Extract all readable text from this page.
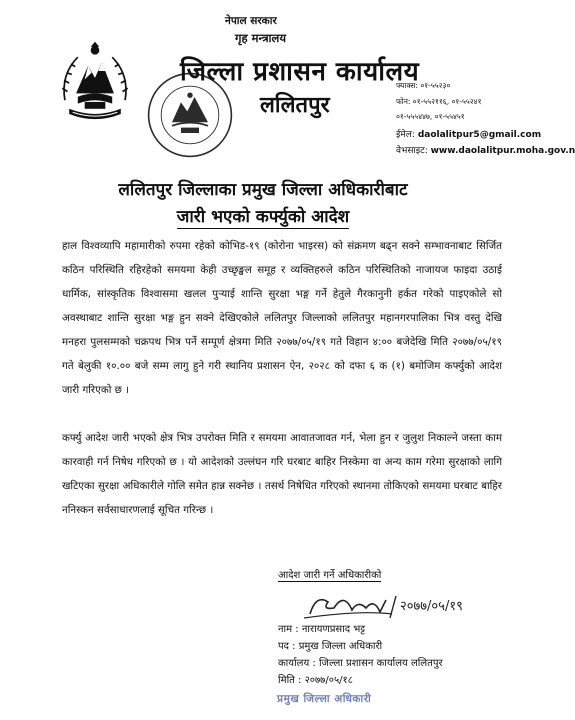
नेपाल सरकार
गृह मन्त्रालय
जिल्ला प्रशासन कार्यालय
ललितपुर
फ्याक्स: ०१-५५२३०
फोन: ०१-५५२११६, ०१-५५२४१
०१-५५५४४७, ०१-५५४५१
ईमेल: daolalitpur5@gmail.com
वेभसाइट: www.daolalitpur.moha.gov.n
ललितपुर जिल्लाका प्रमुख जिल्ला अधिकारीबाट
जारी भएको कर्फ्युको आदेश
हाल विश्वव्यापि महामारीको रुपमा रहेको कोभिड-१९ (कोरोना भाइरस) को संक्रमण बढ्न सक्ने सम्भावनाबाट सिर्जित कठिन परिस्थिति रहिरहेको समयमा केही उच्छृङ्खल समूह र व्यक्तिहरुले कठिन परिस्थितिको नाजायज फाइदा उठाई धार्मिक, सांस्कृतिक विश्वासमा खलल पुऱ्याई शान्ति सुरक्षा भङ्ग गर्ने हेतुले गैरकानुनी हर्कत गरेको पाइएकोले सो अवस्थाबाट शान्ति सुरक्षा भङ्ग हुन सक्ने देखिएकोले ललितपुर जिल्लाको ललितपुर महानगरपालिका भित्र वस्तु देखि मनहरा पुलसम्मको चक्रपथ भित्र पर्ने सम्पूर्ण क्षेत्रमा मिति २०७७/०५/१९ गते विहान ४:०० बजेदेखि मिति २०७७/०५/१९ गते बेलुकी १०.०० बजे सम्म लागु हुने गरी स्थानिय प्रशासन ऐन, २०२८ को दफा ६ क (१) बमोजिम कर्फ्युको आदेश जारी गरिएको छ ।
कर्फ्यु आदेश जारी भएको क्षेत्र भित्र उपरोक्त मिति र समयमा आवातजावत गर्न, भेला हुन र जुलुश निकाल्ने जस्ता काम कारवाही गर्न निषेध गरिएको छ । यो आदेशको उल्लंघन गरि घरबाट बाहिर निस्केमा वा अन्य काम गरेमा सुरक्षाको लागि खटिएका सुरक्षा अधिकारीले गोलि समेत हान्न सक्नेछ । तसर्थ निषेधित गरिएको स्थानमा तोकिएको समयमा घरबाट बाहिर ननिस्कन सर्वसाधारणलाई सूचित गरिन्छ ।
आदेश जारी गर्ने अधिकारीको
२०७७/०५/१९
नाम : नारायणप्रसाद भट्ट
पद : प्रमुख जिल्ला अधिकारी
कार्यालय : जिल्ला प्रशासन कार्यालय ललितपुर
मिति : २०७७/०५/१८
प्रमुख जिल्ला अधिकारी
